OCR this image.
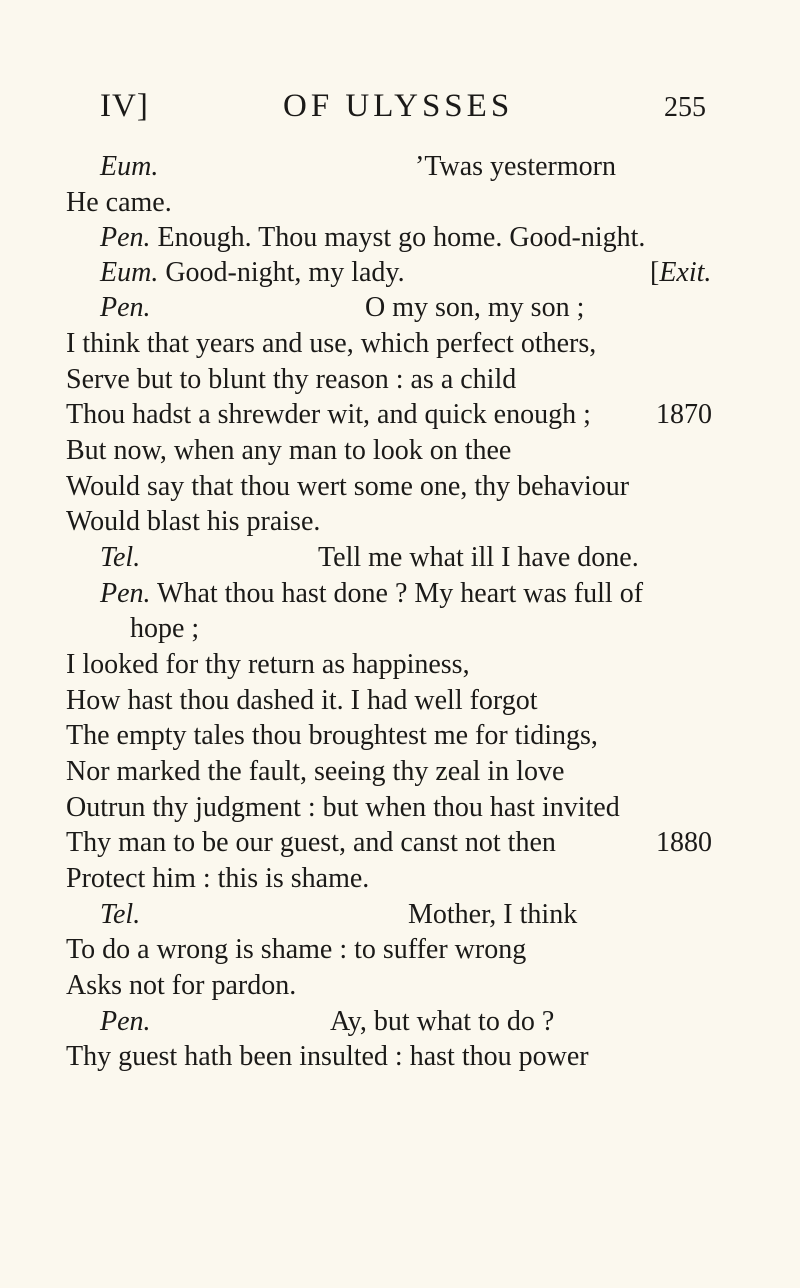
IV]	OF ULYSSES	255
Eum.	’Twas yestermorn
He came.
Pen. Enough. Thou mayst go home. Good-night.
Eum. Good-night, my lady.	[Exit.
Pen.	O my son, my son ;
I think that years and use, which perfect others,
Serve but to blunt thy reason : as a child
Thou hadst a shrewder wit, and quick enough ; 1870
But now, when any man to look on thee
Would say that thou wert some one, thy behaviour
Would blast his praise.
Tel.	Tell me what ill I have done.
Pen. What thou hast done ? My heart was full of
hope ;
I looked for thy return as happiness,
How hast thou dashed it. I had well forgot
The empty tales thou broughtest me for tidings,
Nor marked the fault, seeing thy zeal in love
Outrun thy judgment : but when thou hast invited
Thy man to be our guest, and canst not then	1880
Protect him : this is shame.
Tel.	Mother, I think
To do a wrong is shame : to suffer wrong
Asks not for pardon.
Pen.	Ay, but what to do ?
Thy guest hath been insulted : hast thou power
